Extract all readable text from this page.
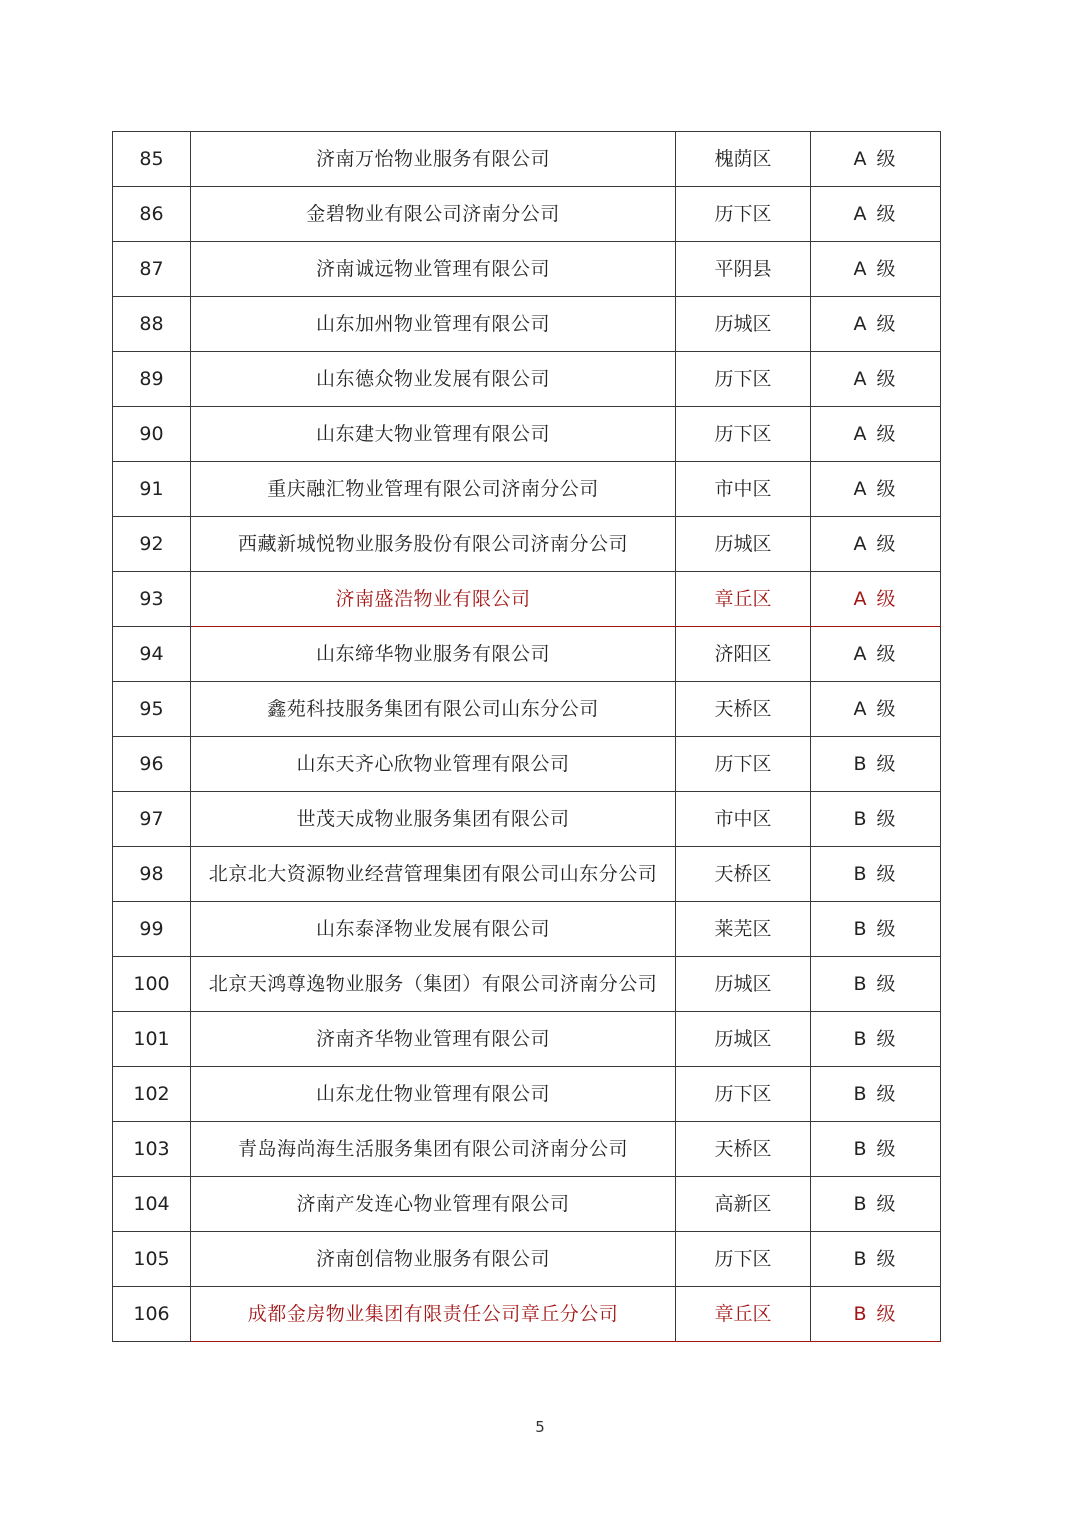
85	济南万怡物业服务有限公司	槐荫区	A 级
86	金碧物业有限公司济南分公司	历下区	A 级
87	济南诚远物业管理有限公司	平阴县	A 级
88	山东加州物业管理有限公司	历城区	A 级
89	山东德众物业发展有限公司	历下区	A 级
90	山东建大物业管理有限公司	历下区	A 级
91	重庆融汇物业管理有限公司济南分公司	市中区	A 级
92	西藏新城悦物业服务股份有限公司济南分公司	历城区	A 级
93	济南盛浩物业有限公司	章丘区	A 级
94	山东缔华物业服务有限公司	济阳区	A 级
95	鑫苑科技服务集团有限公司山东分公司	天桥区	A 级
96	山东天齐心欣物业管理有限公司	历下区	B 级
97	世茂天成物业服务集团有限公司	市中区	B 级
98	北京北大资源物业经营管理集团有限公司山东分公司	天桥区	B 级
99	山东泰泽物业发展有限公司	莱芜区	B 级
100	北京天鸿尊逸物业服务（集团）有限公司济南分公司	历城区	B 级
101	济南齐华物业管理有限公司	历城区	B 级
102	山东龙仕物业管理有限公司	历下区	B 级
103	青岛海尚海生活服务集团有限公司济南分公司	天桥区	B 级
104	济南产发连心物业管理有限公司	高新区	B 级
105	济南创信物业服务有限公司	历下区	B 级
106	成都金房物业集团有限责任公司章丘分公司	章丘区	B 级
5
